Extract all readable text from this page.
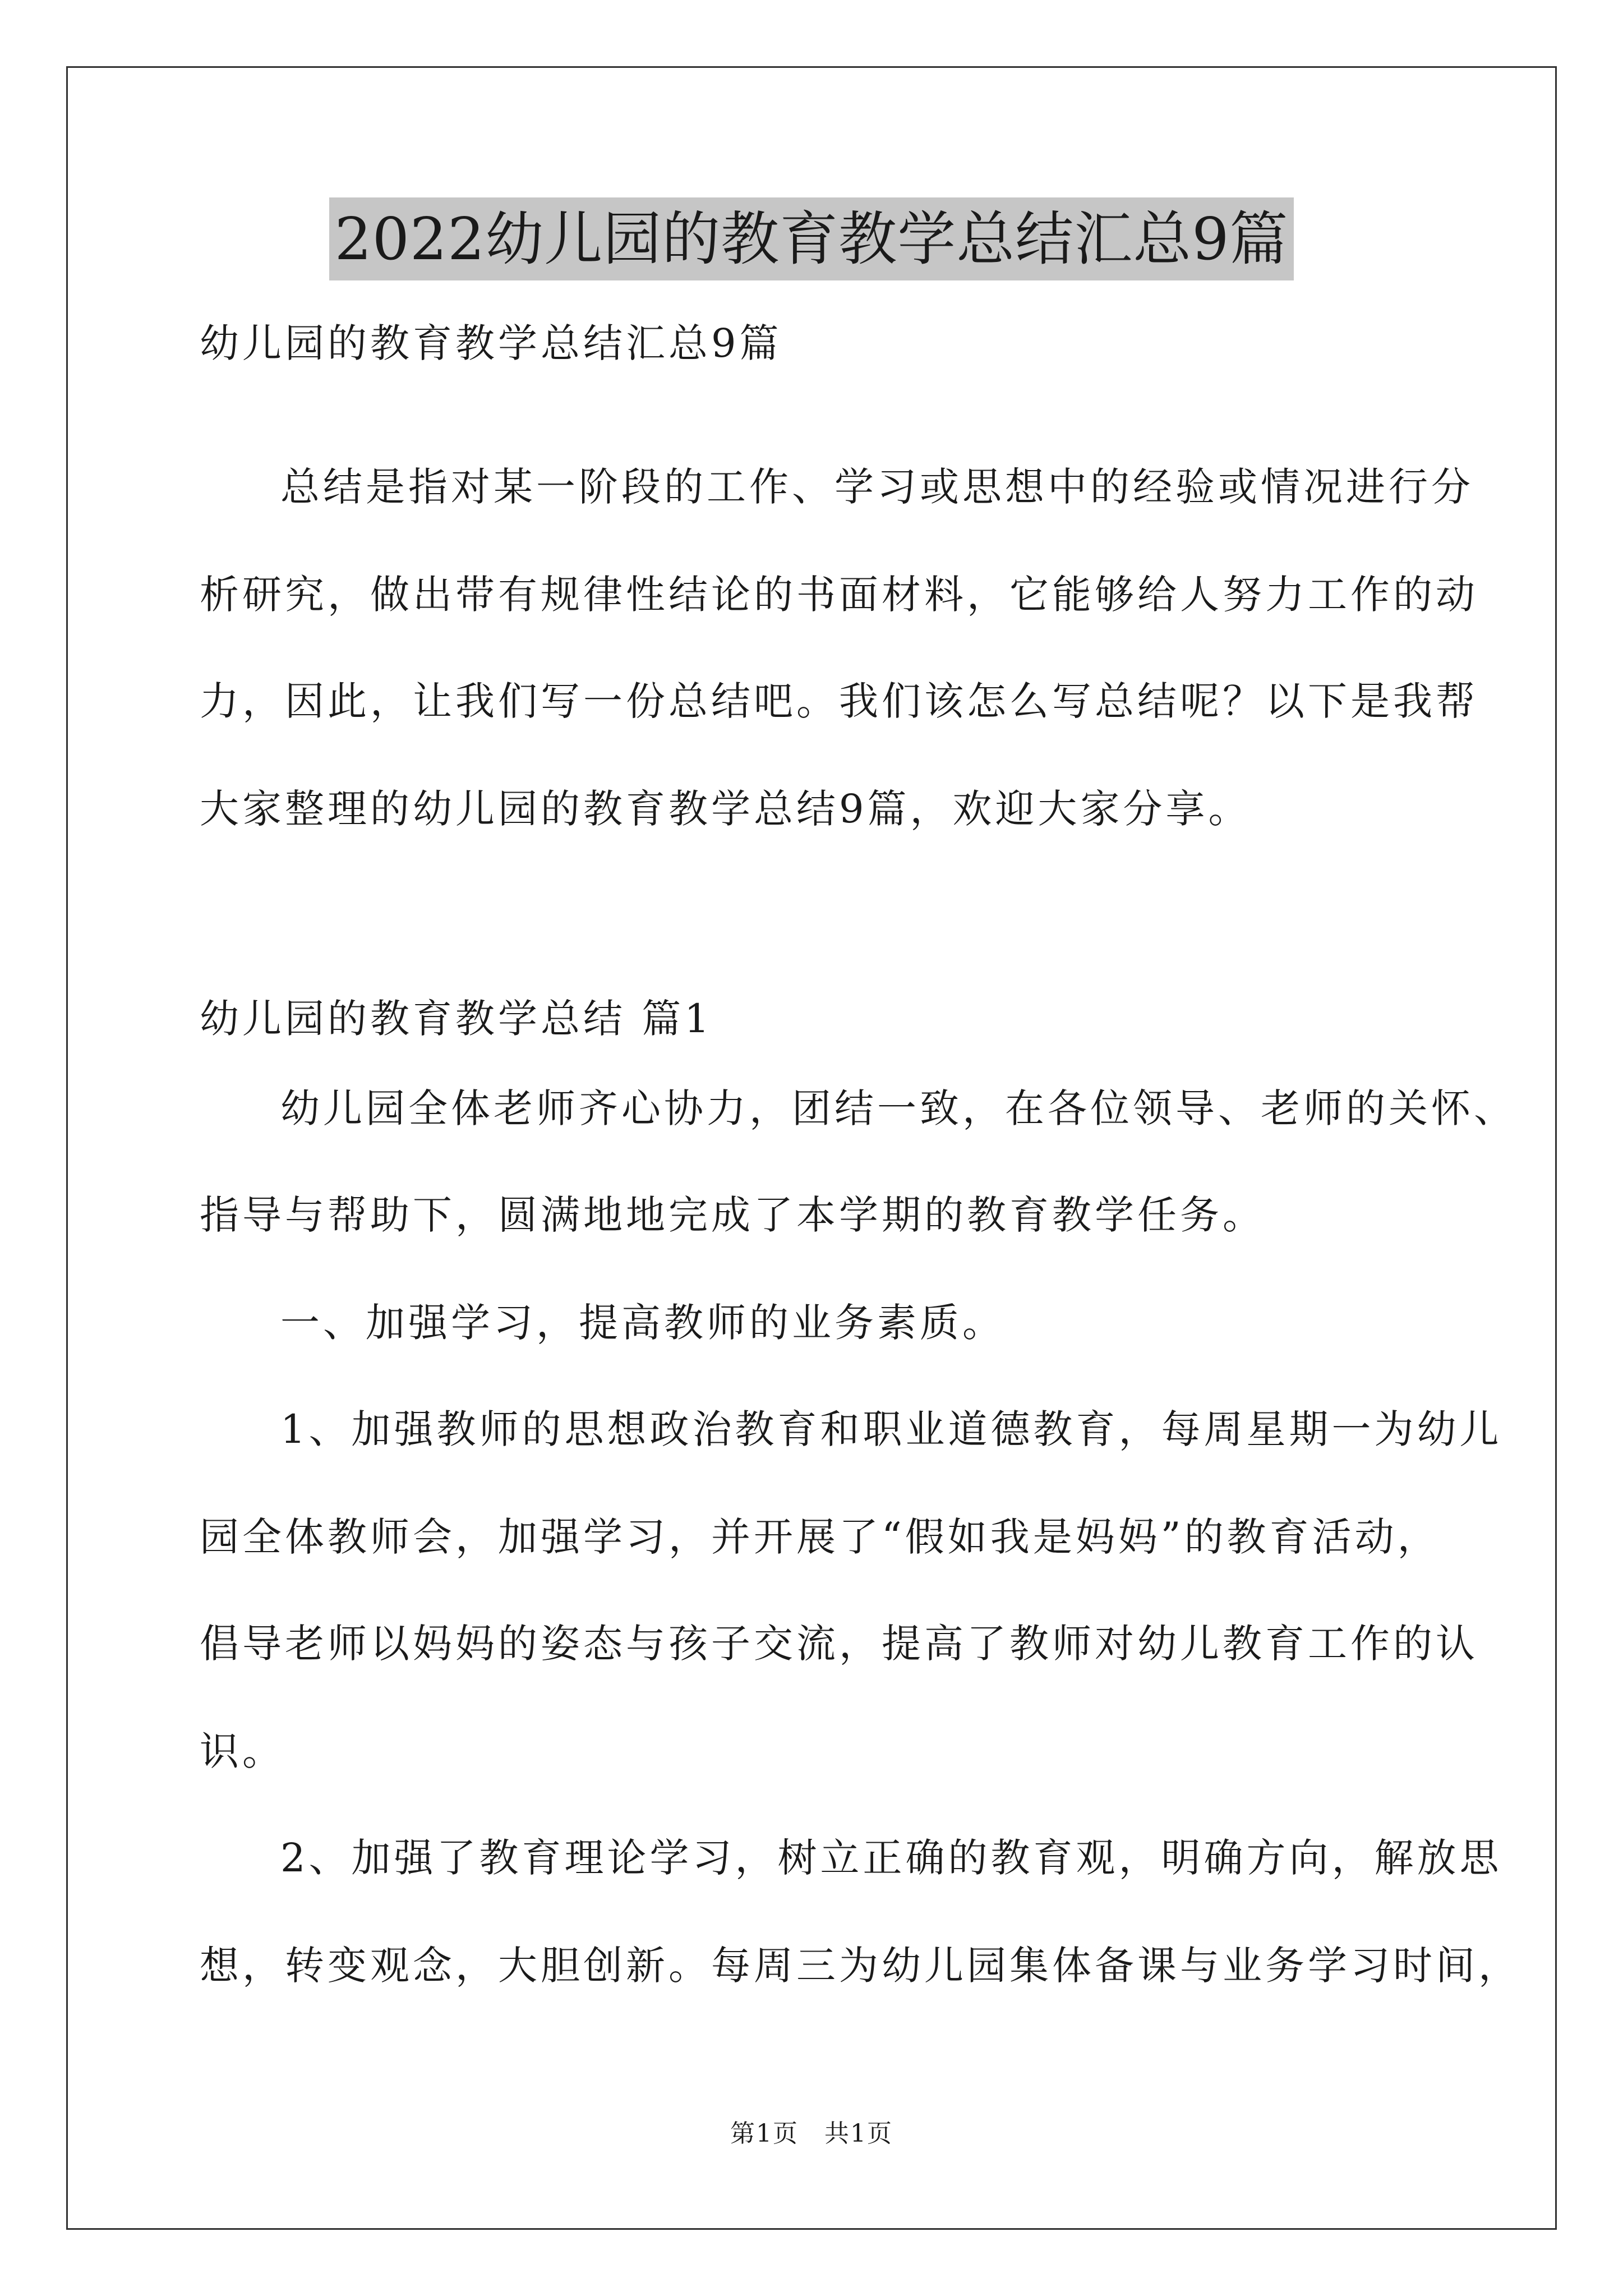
2022幼儿园的教育教学总结汇总9篇
幼儿园的教育教学总结汇总9篇
总结是指对某一阶段的工作、学习或思想中的经验或情况进行分
析研究，做出带有规律性结论的书面材料，它能够给人努力工作的动
力，因此，让我们写一份总结吧。我们该怎么写总结呢？以下是我帮
大家整理的幼儿园的教育教学总结9篇，欢迎大家分享。
幼儿园的教育教学总结 篇1
幼儿园全体老师齐心协力，团结一致，在各位领导、老师的关怀、
指导与帮助下，圆满地地完成了本学期的教育教学任务。
一、加强学习，提高教师的业务素质。
1、加强教师的思想政治教育和职业道德教育，每周星期一为幼儿
园全体教师会，加强学习，并开展了“假如我是妈妈”的教育活动，
倡导老师以妈妈的姿态与孩子交流，提高了教师对幼儿教育工作的认
识。
2、加强了教育理论学习，树立正确的教育观，明确方向，解放思
想，转变观念，大胆创新。每周三为幼儿园集体备课与业务学习时间，
第1页　共1页
